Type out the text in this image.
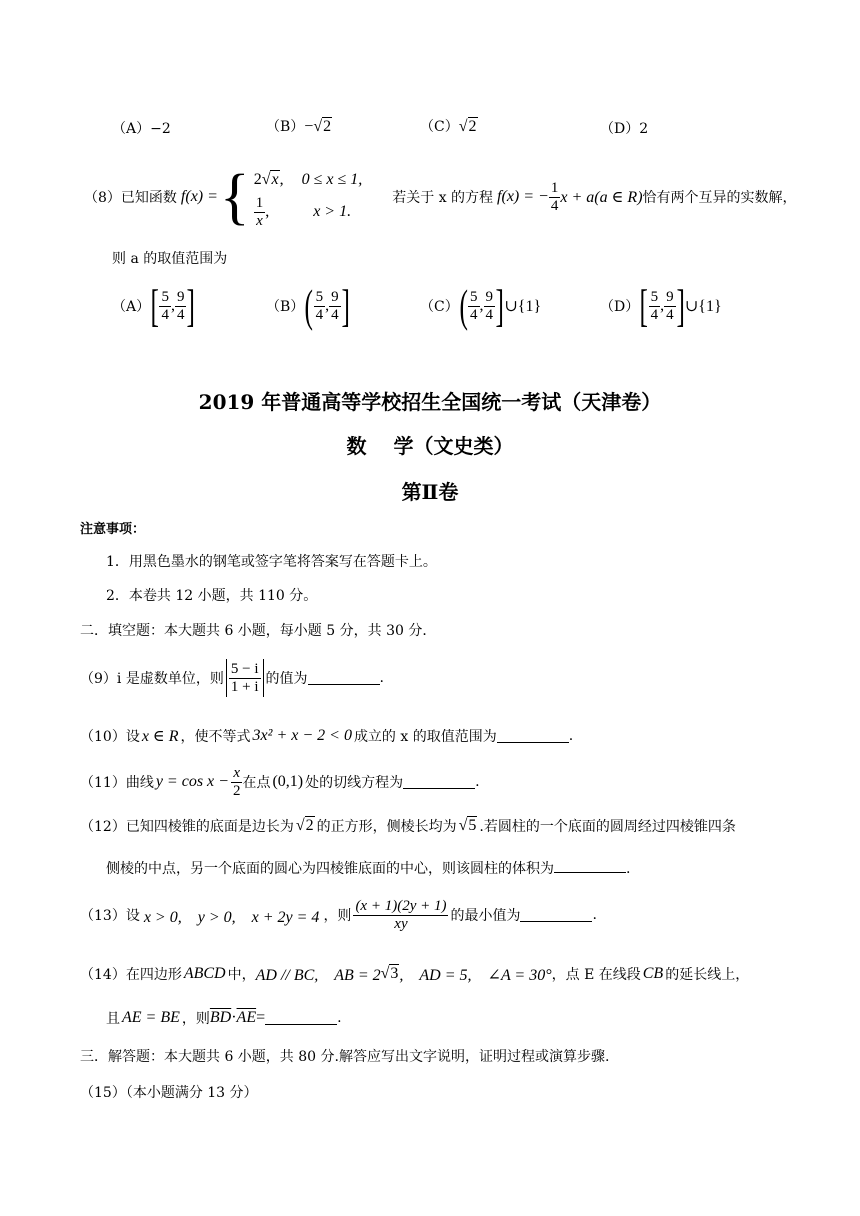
（A）−2	（B）−√2	（C）√2	（D）2
（8） 已知函数 f(x) = { 2 √x , 0 ≤ x ≤ 1,
$\frac{1}{x}$ ,	x > 1.
若关于 x 的方程 f(x) = − $\frac{1}{4}$ x + a(a ∈ R) 恰有两个互异的实数解，
则 a 的取值范围为
（A） [ $\frac{5}{4}$ , $\frac{9}{4}$ ]	（B） ( $\frac{5}{4}$ , $\frac{9}{4}$ ]	（C） ( $\frac{5}{4}$ , $\frac{9}{4}$ ] ∪{1}	（D） [ $\frac{5}{4}$ , $\frac{9}{4}$ ] ∪{1}
2019 年普通高等学校招生全国统一考试（天津卷）
数　 学（文史类）
第Ⅱ卷
注意事项：
1．用黑色墨水的钢笔或签字笔将答案写在答题卡上。
2．本卷共 12 小题，共 110 分。
二．填空题：本大题共 6 小题，每小题 5 分，共 30 分．
（9） i 是虚数单位，则 $\frac{5 - i}{1 + i}$ 的值为	.
（10） 设 x ∈ R ，使不等式 3x² + x − 2 < 0 成立的 x 的取值范围为	.
（11） 曲线 $y = \cos x - \frac{x}{2}$ 在点 (0,1) 处的切线方程为	.
（12） 已知四棱锥的底面是边长为 √2 的正方形，侧棱长均为 √5 .若圆柱的一个底面的圆周经过四棱锥四条
侧棱的中点，另一个底面的圆心为四棱锥底面的中心，则该圆柱的体积为	.
（13） 设 x > 0,　y > 0,　x + 2y = 4 ，则 $\frac{(x + 1)(2y + 1)}{xy}$ 的最小值为	.
（14） 在四边形 ABCD 中， AD // BC,　AB = 2 √3 ,　AD = 5,　∠A = 30° ，点 E 在线段 CB 的延长线上，
且 AE = BE ，则 $\overline{BD} \cdot \overline{AE}$ =	.
三．解答题：本大题共 6 小题，共 80 分.解答应写出文字说明，证明过程或演算步骤.
（15）（本小题满分 13 分）
